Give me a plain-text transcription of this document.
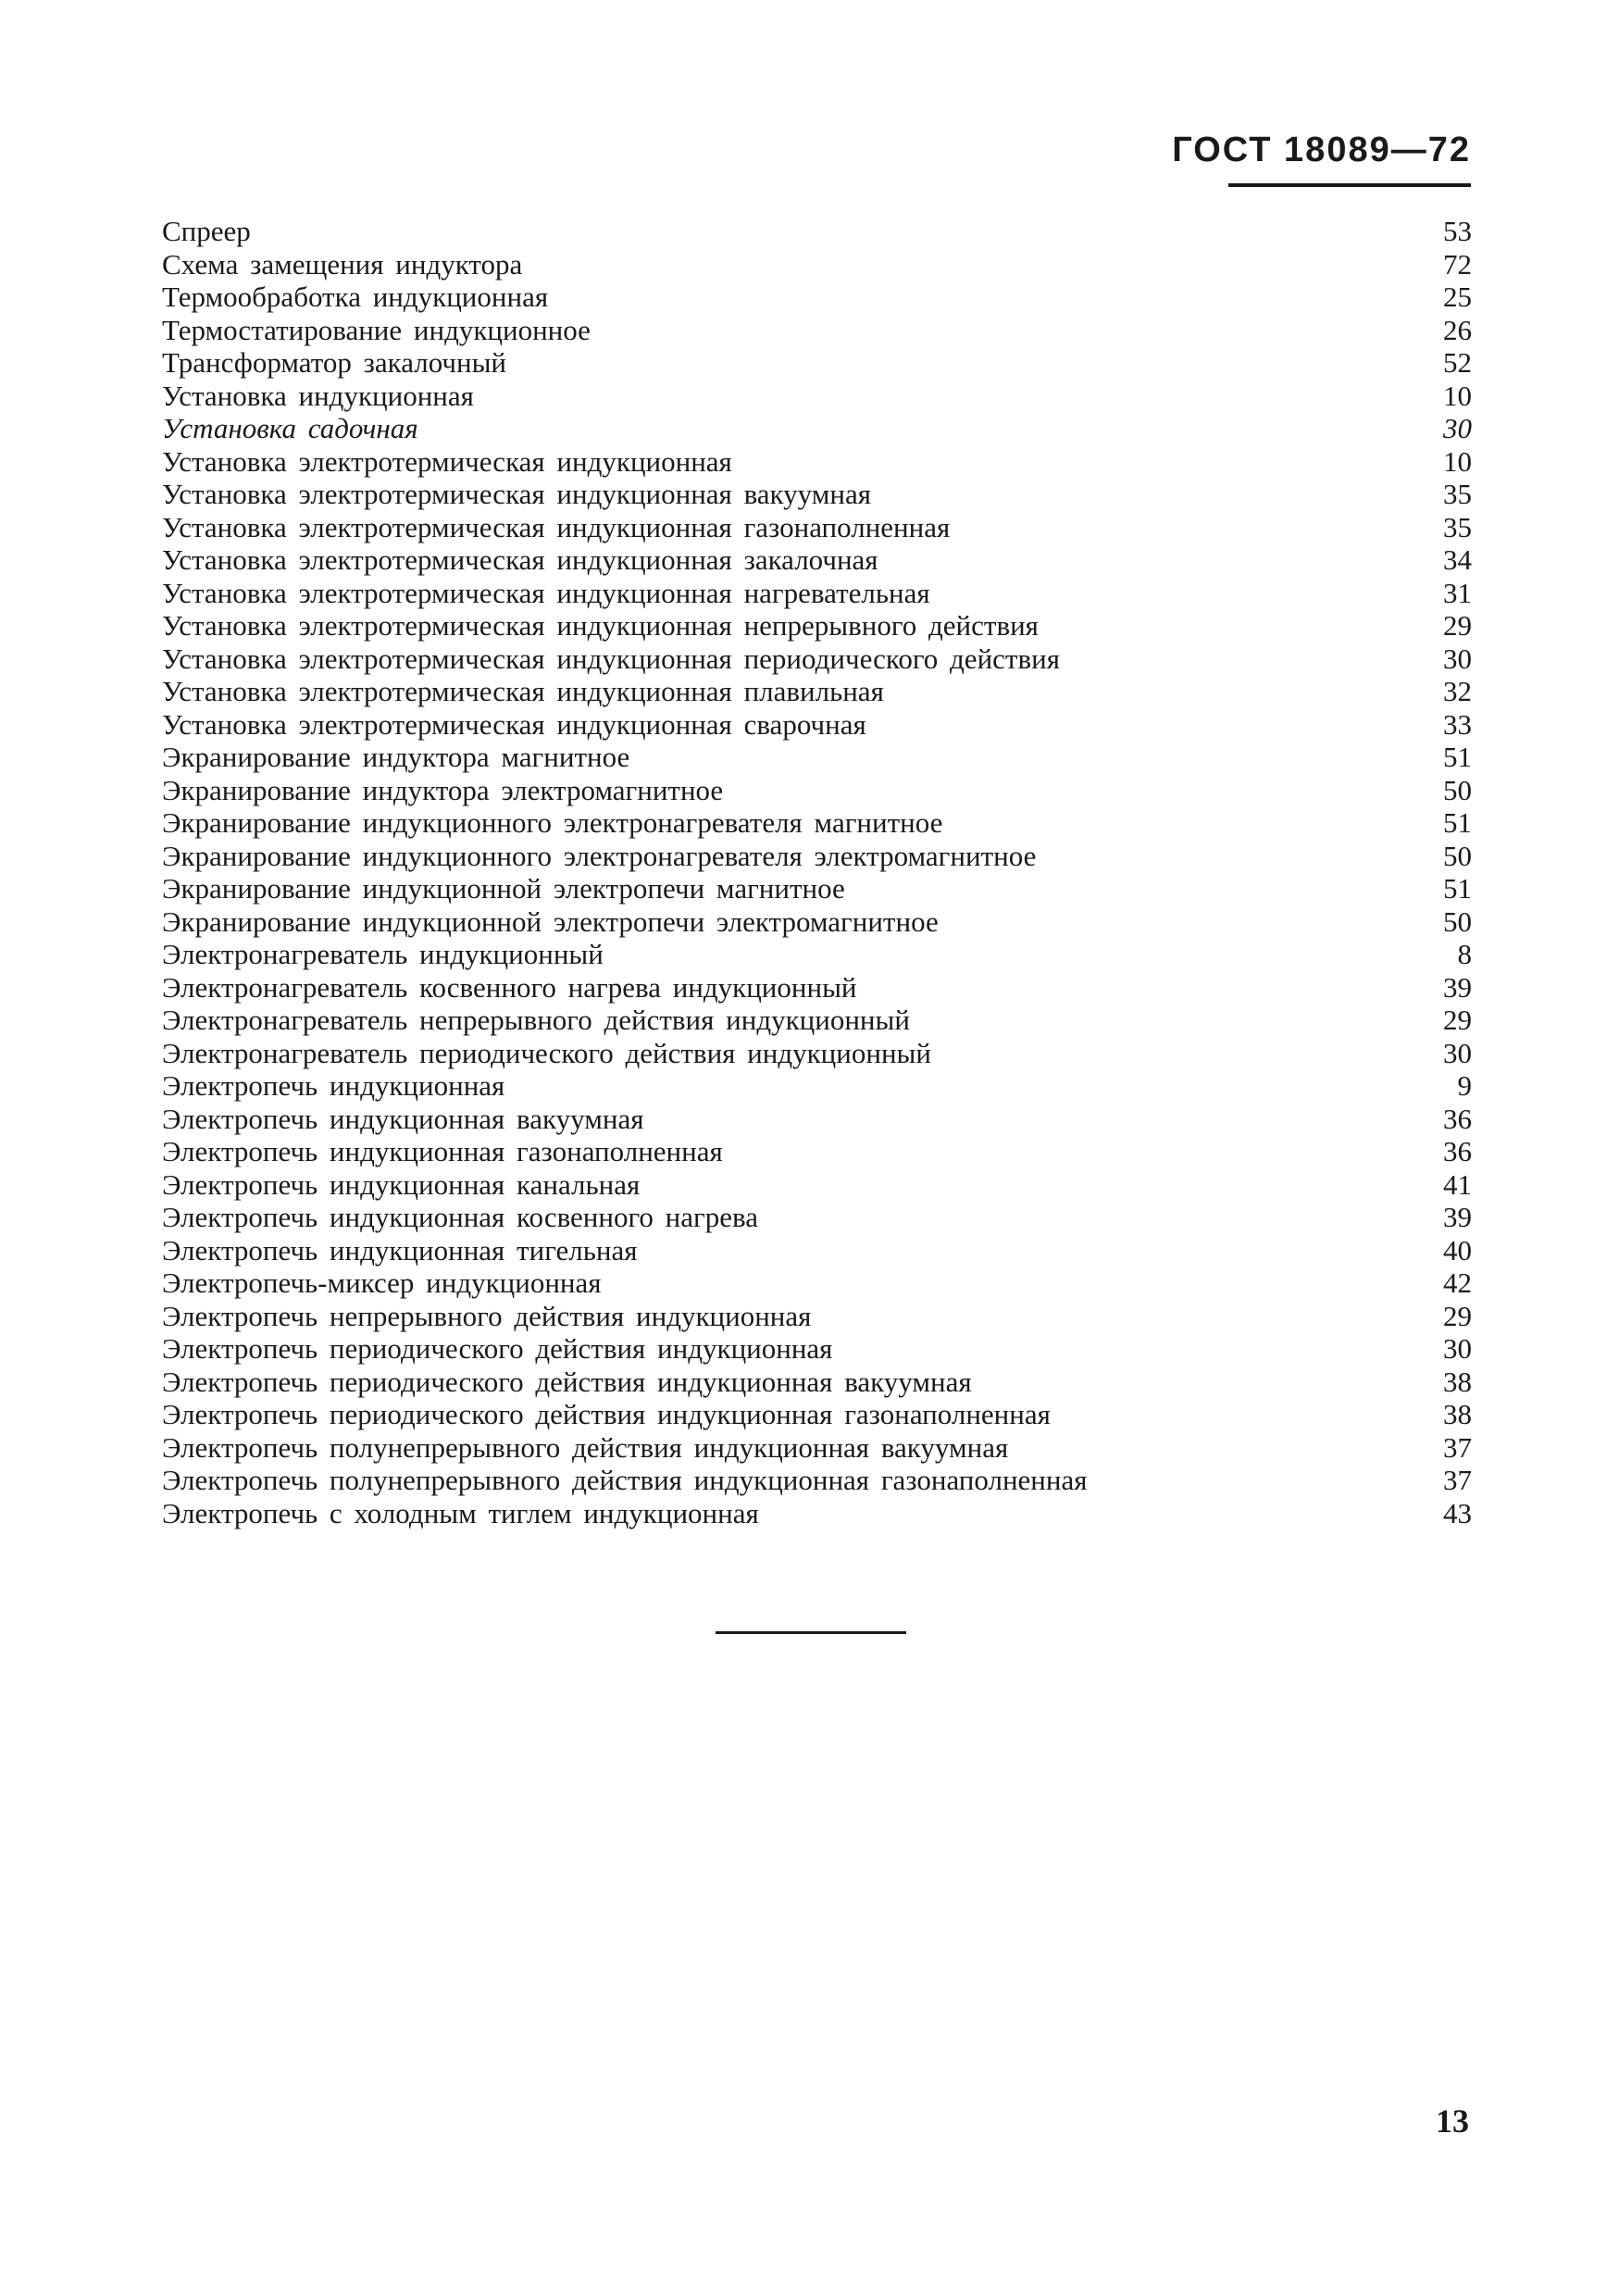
ГОСТ 18089—72
Спреер	53
Схема замещения индуктора	72
Термообработка индукционная	25
Термостатирование индукционное	26
Трансформатор закалочный	52
Установка индукционная	10
Установка садочная	30
Установка электротермическая индукционная	10
Установка электротермическая индукционная вакуумная	35
Установка электротермическая индукционная газонаполненная	35
Установка электротермическая индукционная закалочная	34
Установка электротермическая индукционная нагревательная	31
Установка электротермическая индукционная непрерывного действия	29
Установка электротермическая индукционная периодического действия	30
Установка электротермическая индукционная плавильная	32
Установка электротермическая индукционная сварочная	33
Экранирование индуктора магнитное	51
Экранирование индуктора электромагнитное	50
Экранирование индукционного электронагревателя магнитное	51
Экранирование индукционного электронагревателя электромагнитное	50
Экранирование индукционной электропечи магнитное	51
Экранирование индукционной электропечи электромагнитное	50
Электронагреватель индукционный	8
Электронагреватель косвенного нагрева индукционный	39
Электронагреватель непрерывного действия индукционный	29
Электронагреватель периодического действия индукционный	30
Электропечь индукционная	9
Электропечь индукционная вакуумная	36
Электропечь индукционная газонаполненная	36
Электропечь индукционная канальная	41
Электропечь индукционная косвенного нагрева	39
Электропечь индукционная тигельная	40
Электропечь-миксер индукционная	42
Электропечь непрерывного действия индукционная	29
Электропечь периодического действия индукционная	30
Электропечь периодического действия индукционная вакуумная	38
Электропечь периодического действия индукционная газонаполненная	38
Электропечь полунепрерывного действия индукционная вакуумная	37
Электропечь полунепрерывного действия индукционная газонаполненная	37
Электропечь с холодным тиглем индукционная	43
13
